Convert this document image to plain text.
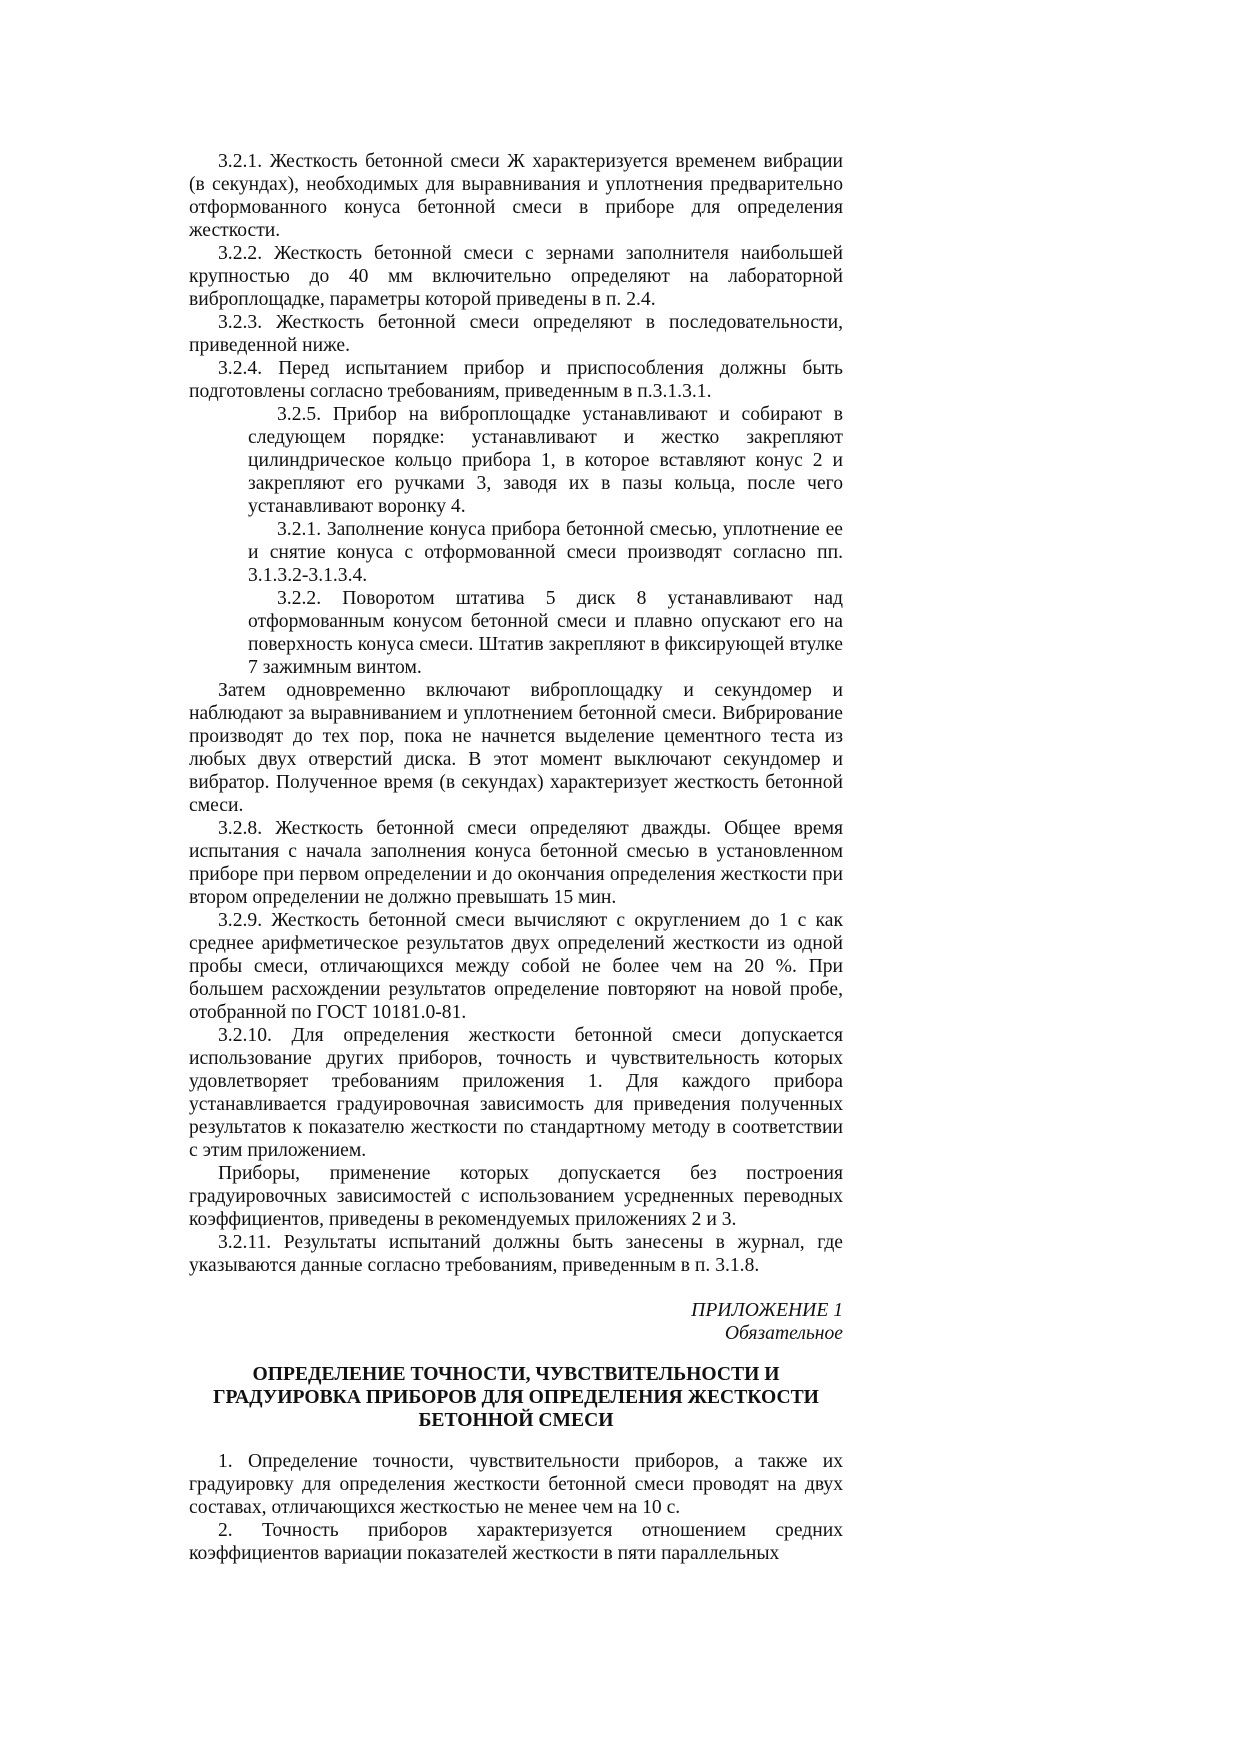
3.2.1. Жесткость бетонной смеси Ж характеризуется временем вибрации (в секундах), необходимых для выравнивания и уплотнения предварительно отформованного конуса бетонной смеси в приборе для определения жесткости.

3.2.2. Жесткость бетонной смеси с зернами заполнителя наибольшей крупностью до 40 мм включительно определяют на лабораторной виброплощадке, параметры которой приведены в п. 2.4.

3.2.3. Жесткость бетонной смеси определяют в последовательности, приведенной ниже.

3.2.4. Перед испытанием прибор и приспособления должны быть подготовлены согласно требованиям, приведенным в п.3.1.3.1.

3.2.5. Прибор на виброплощадке устанавливают и собирают в следующем порядке: устанавливают и жестко закрепляют цилиндрическое кольцо прибора 1, в которое вставляют конус 2 и закрепляют его ручками 3, заводя их в пазы кольца, после чего устанавливают воронку 4.

3.2.1. Заполнение конуса прибора бетонной смесью, уплотнение ее и снятие конуса с отформованной смеси производят согласно пп. 3.1.3.2-3.1.3.4.

3.2.2. Поворотом штатива 5 диск 8 устанавливают над отформованным конусом бетонной смеси и плавно опускают его на поверхность конуса смеси. Штатив закрепляют в фиксирующей втулке 7 зажимным винтом.

Затем одновременно включают виброплощадку и секундомер и наблюдают за выравниванием и уплотнением бетонной смеси. Вибрирование производят до тех пор, пока не начнется выделение цементного теста из любых двух отверстий диска. В этот момент выключают секундомер и вибратор. Полученное время (в секундах) характеризует жесткость бетонной смеси.

3.2.8. Жесткость бетонной смеси определяют дважды. Общее время испытания с начала заполнения конуса бетонной смесью в установленном приборе при первом определении и до окончания определения жесткости при втором определении не должно превышать 15 мин.

3.2.9. Жесткость бетонной смеси вычисляют с округлением до 1 с как среднее арифметическое результатов двух определений жесткости из одной пробы смеси, отличающихся между собой не более чем на 20 %. При большем расхождении результатов определение повторяют на новой пробе, отобранной по ГОСТ 10181.0-81.

3.2.10. Для определения жесткости бетонной смеси допускается использование других приборов, точность и чувствительность которых удовлетворяет требованиям приложения 1. Для каждого прибора устанавливается градуировочная зависимость для приведения полученных результатов к показателю жесткости по стандартному методу в соответствии с этим приложением.

Приборы, применение которых допускается без построения градуировочных зависимостей с использованием усредненных переводных коэффициентов, приведены в рекомендуемых приложениях 2 и 3.

3.2.11. Результаты испытаний должны быть занесены в журнал, где указываются данные согласно требованиям, приведенным в п. 3.1.8.

ПРИЛОЖЕНИЕ 1
Обязательное
ОПРЕДЕЛЕНИЕ ТОЧНОСТИ, ЧУВСТВИТЕЛЬНОСТИ И ГРАДУИРОВКА ПРИБОРОВ ДЛЯ ОПРЕДЕЛЕНИЯ ЖЕСТКОСТИ БЕТОННОЙ СМЕСИ

1. Определение точности, чувствительности приборов, а также их градуировку для определения жесткости бетонной смеси проводят на двух составах, отличающихся жесткостью не менее чем на 10 с.

2. Точность приборов характеризуется отношением средних коэффициентов вариации показателей жесткости в пяти параллельных
